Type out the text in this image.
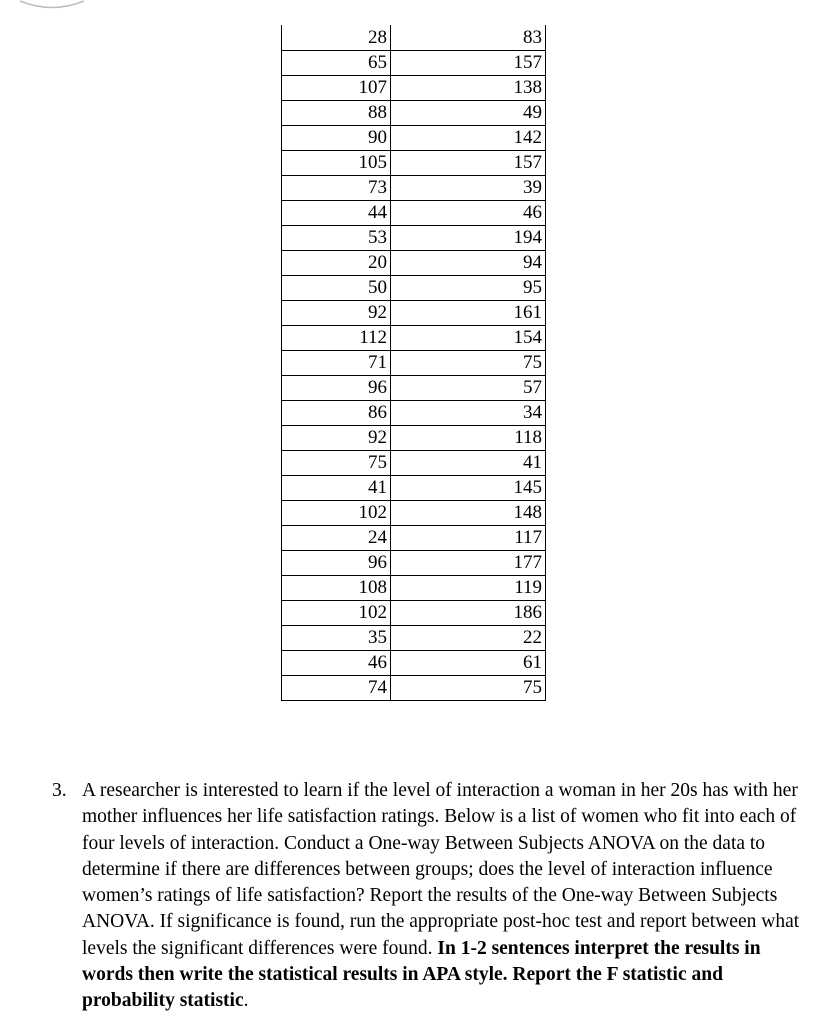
28	83
65	157
107	138
88	49
90	142
105	157
73	39
44	46
53	194
20	94
50	95
92	161
112	154
71	75
96	57
86	34
92	118
75	41
41	145
102	148
24	117
96	177
108	119
102	186
35	22
46	61
74	75
3. A researcher is interested to learn if the level of interaction a woman in her 20s has with her mother influences her life satisfaction ratings. Below is a list of women who fit into each of four levels of interaction. Conduct a One-way Between Subjects ANOVA on the data to determine if there are differences between groups; does the level of interaction influence women’s ratings of life satisfaction? Report the results of the One-way Between Subjects ANOVA. If significance is found, run the appropriate post-hoc test and report between what levels the significant differences were found. In 1-2 sentences interpret the results in words then write the statistical results in APA style. Report the F statistic and probability statistic.
